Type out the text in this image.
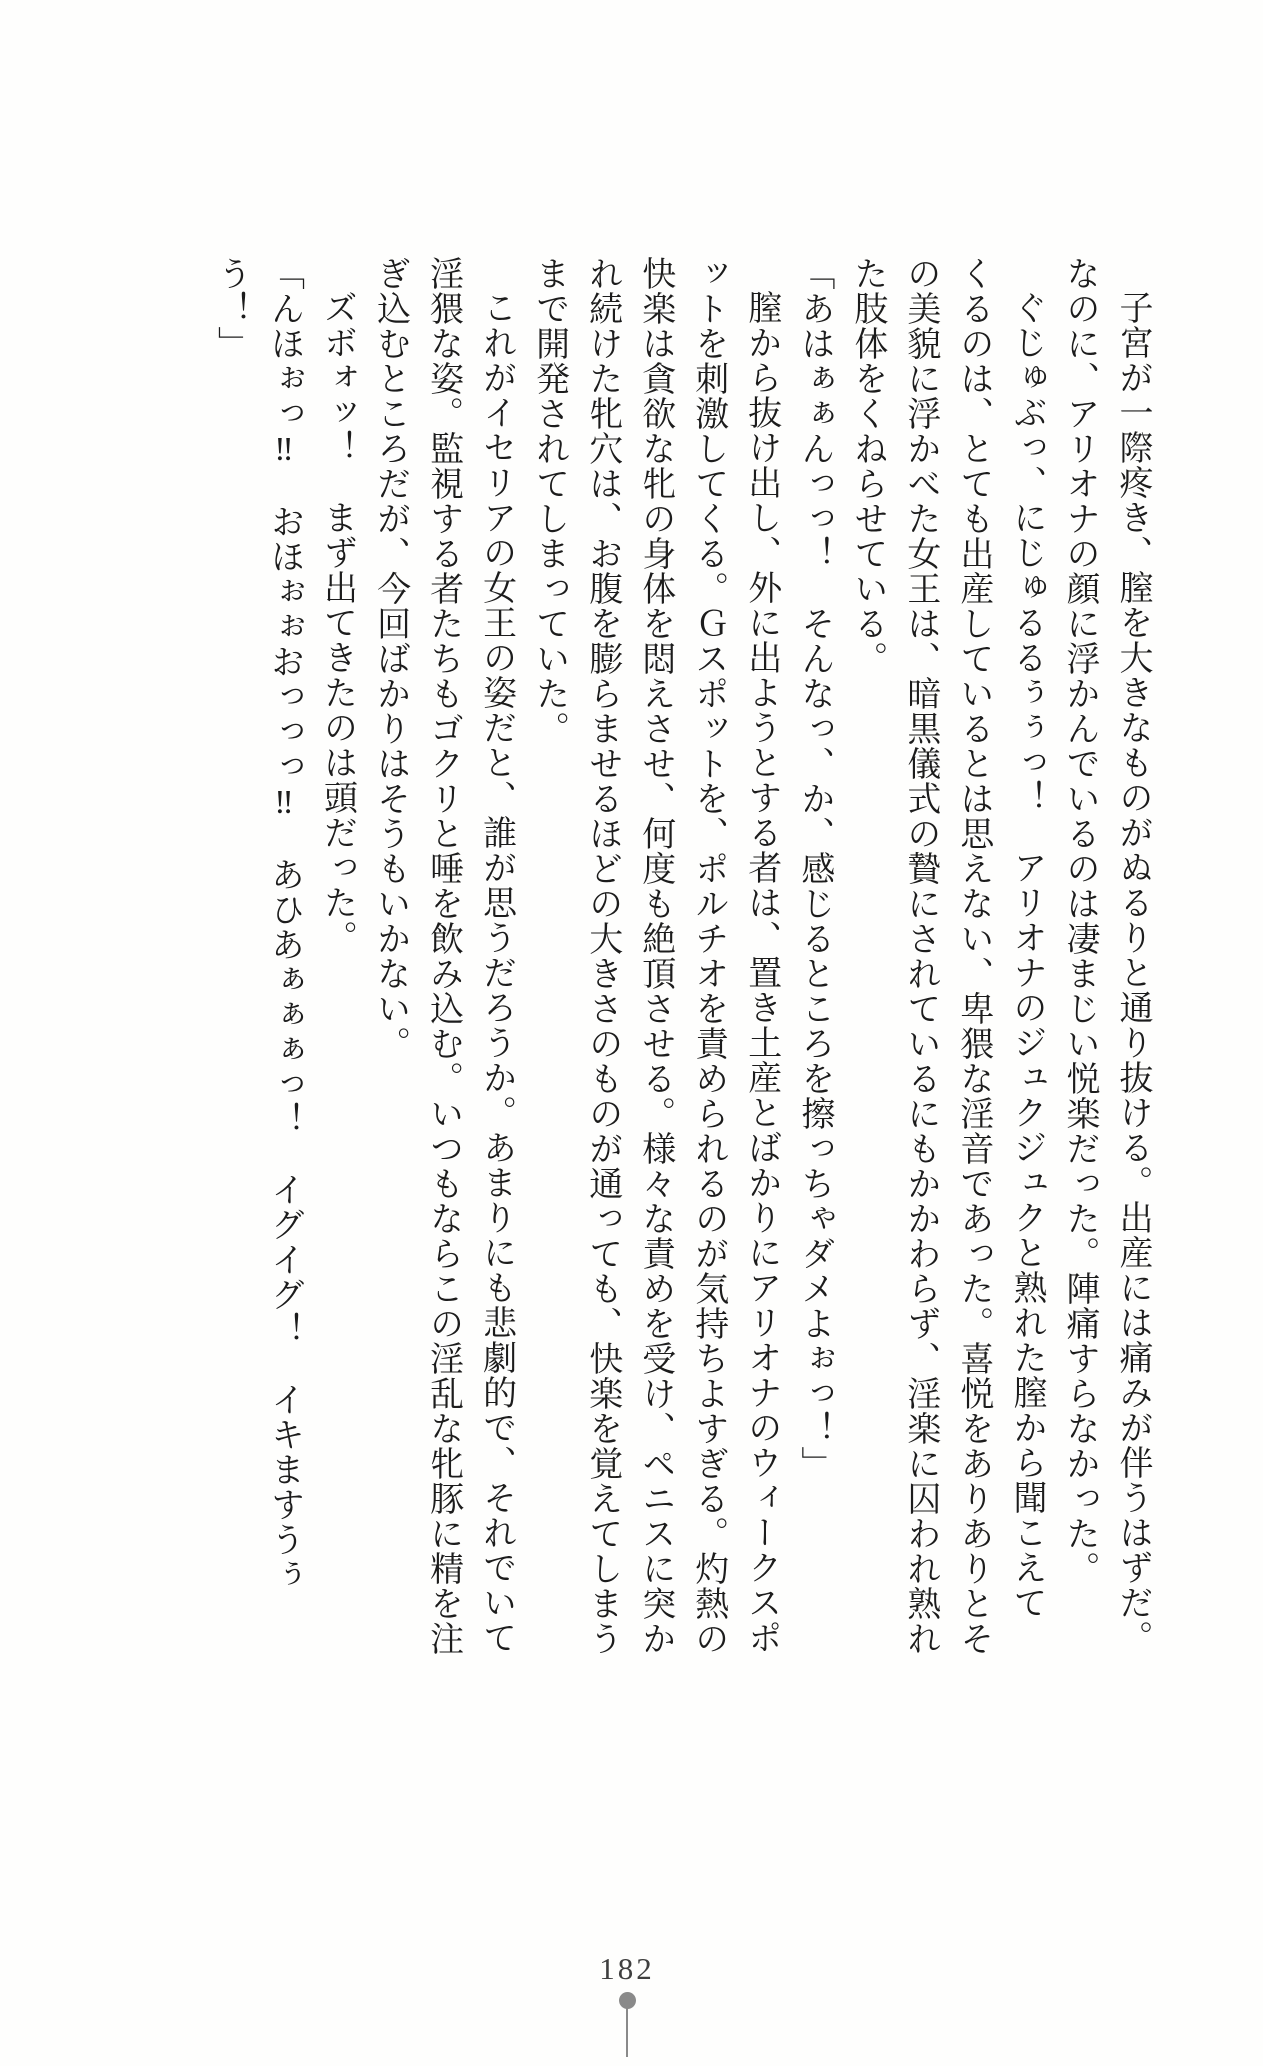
子宮が一際疼き、膣を大きなものがぬるりと通り抜ける。出産には痛みが伴うはずだ。
なのに、アリオナの顔に浮かんでいるのは凄まじい悦楽だった。陣痛すらなかった。
ぐじゅぶっ、にじゅるるぅぅっ！　アリオナのジュクジュクと熟れた膣から聞こえて
くるのは、とても出産しているとは思えない、卑猥な淫音であった。喜悦をありありとそ
の美貌に浮かべた女王は、暗黒儀式の贄にされているにもかかわらず、淫楽に囚われ熟れ
た肢体をくねらせている。
「あはぁぁんっっ！　そんなっ、か、感じるところを擦っちゃダメよぉっ！」
膣から抜け出し、外に出ようとする者は、置き土産とばかりにアリオナのウィークスポ
ットを刺激してくる。Ｇスポットを、ポルチオを責められるのが気持ちよすぎる。灼熱の
快楽は貪欲な牝の身体を悶えさせ、何度も絶頂させる。様々な責めを受け、ペニスに突か
れ続けた牝穴は、お腹を膨らませるほどの大きさのものが通っても、快楽を覚えてしまう
まで開発されてしまっていた。
これがイセリアの女王の姿だと、誰が思うだろうか。あまりにも悲劇的で、それでいて
淫猥な姿。監視する者たちもゴクリと唾を飲み込む。いつもならこの淫乱な牝豚に精を注
ぎ込むところだが、今回ばかりはそうもいかない。
ズボォッ！　まず出てきたのは頭だった。
「んほぉっ‼　おほぉぉおっっっ‼　あひあぁぁぁっ！　イグイグ！　イキますうぅ
う！」
182
